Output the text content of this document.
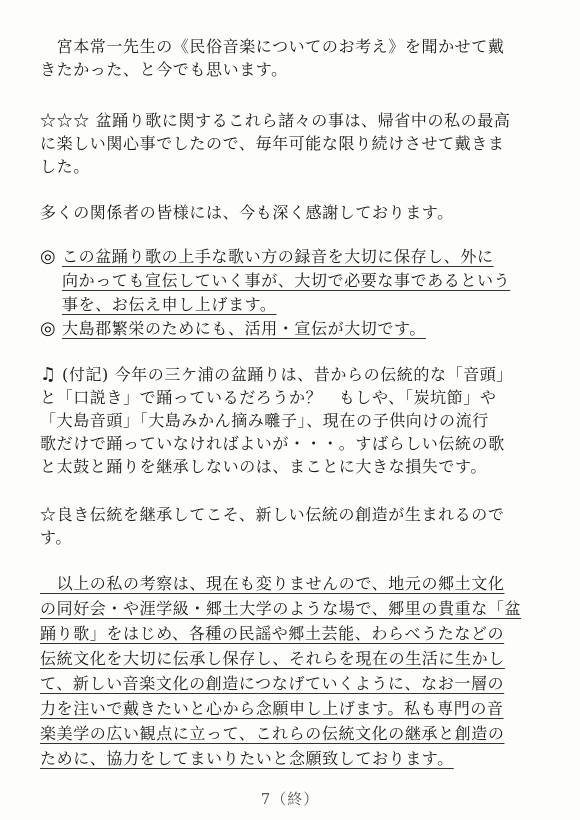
　宮本常一先生の《民俗音楽についてのお考え》を聞かせて戴
きたかった、と今でも思います。
☆☆☆ 盆踊り歌に関するこれら諸々の事は、帰省中の私の最高
に楽しい関心事でしたので、毎年可能な限り続けさせて戴きま
した。
多くの関係者の皆様には、今も深く感謝しております。
◎ この盆踊り歌の上手な歌い方の録音を大切に保存し、外に
向かっても宣伝していく事が、大切で必要な事であるという
事を、お伝え申し上げます。
◎ 大島郡繁栄のためにも、活用・宣伝が大切です。
♫ (付記) 今年の三ケ浦の盆踊りは、昔からの伝統的な「音頭」
と「口説き」で踊っているだろうか？　もしや、「炭坑節」や
「大島音頭」「大島みかん摘み囃子」、現在の子供向けの流行
歌だけで踊っていなければよいが・・・。すばらしい伝統の歌
と太鼓と踊りを継承しないのは、まことに大きな損失です。
☆良き伝統を継承してこそ、新しい伝統の創造が生まれるので
す。
　以上の私の考察は、現在も変りませんので、地元の郷土文化
の同好会・や涯学級・郷土大学のような場で、郷里の貴重な「盆
踊り歌」をはじめ、各種の民謡や郷土芸能、わらべうたなどの
伝統文化を大切に伝承し保存し、それらを現在の生活に生かし
て、新しい音楽文化の創造につなげていくように、なお一層の
力を注いで戴きたいと心から念願申し上げます。私も専門の音
楽美学の広い観点に立って、これらの伝統文化の継承と創造の
ために、協力をしてまいりたいと念願致しております。
7（終）
